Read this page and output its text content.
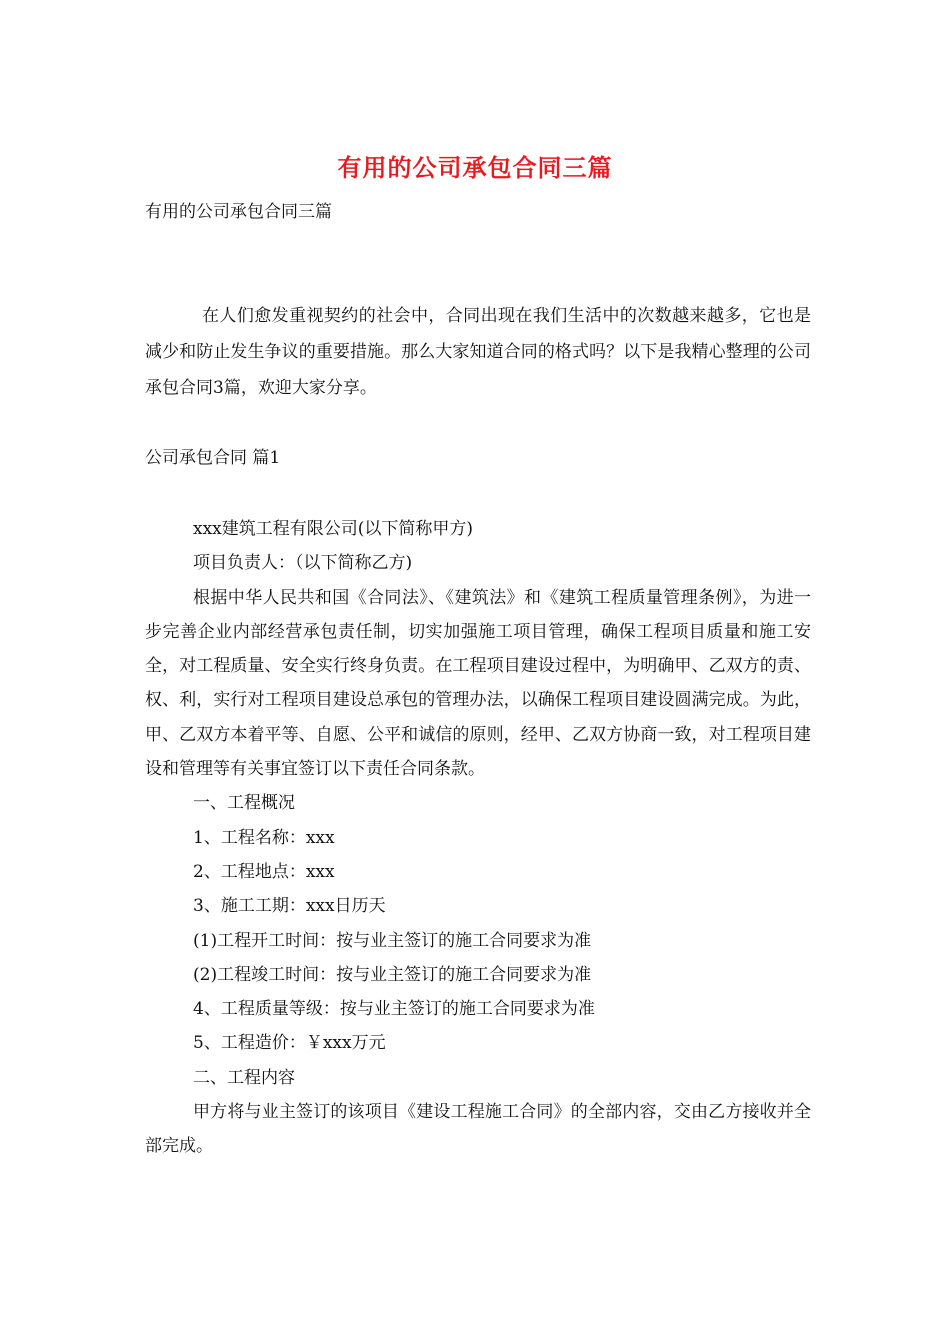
有用的公司承包合同三篇
有用的公司承包合同三篇
在人们愈发重视契约的社会中，合同出现在我们生活中的次数越来越多，它也是减少和防止发生争议的重要措施。那么大家知道合同的格式吗？以下是我精心整理的公司承包合同3篇，欢迎大家分享。
公司承包合同 篇1

xxx建筑工程有限公司(以下简称甲方)

项目负责人：（以下简称乙方)

根据中华人民共和国《合同法》、《建筑法》和《建筑工程质量管理条例》，为进一步完善企业内部经营承包责任制，切实加强施工项目管理，确保工程项目质量和施工安全，对工程质量、安全实行终身负责。在工程项目建设过程中，为明确甲、乙双方的责、权、利，实行对工程项目建设总承包的管理办法，以确保工程项目建设圆满完成。为此，甲、乙双方本着平等、自愿、公平和诚信的原则，经甲、乙双方协商一致，对工程项目建设和管理等有关事宜签订以下责任合同条款。

一、工程概况

1、工程名称：xxx

2、工程地点：xxx

3、施工工期：xxx日历天

(1)工程开工时间：按与业主签订的施工合同要求为准

(2)工程竣工时间：按与业主签订的施工合同要求为准

4、工程质量等级：按与业主签订的施工合同要求为准

5、工程造价：￥xxx万元

二、工程内容

甲方将与业主签订的该项目《建设工程施工合同》的全部内容，交由乙方接收并全部完成。
